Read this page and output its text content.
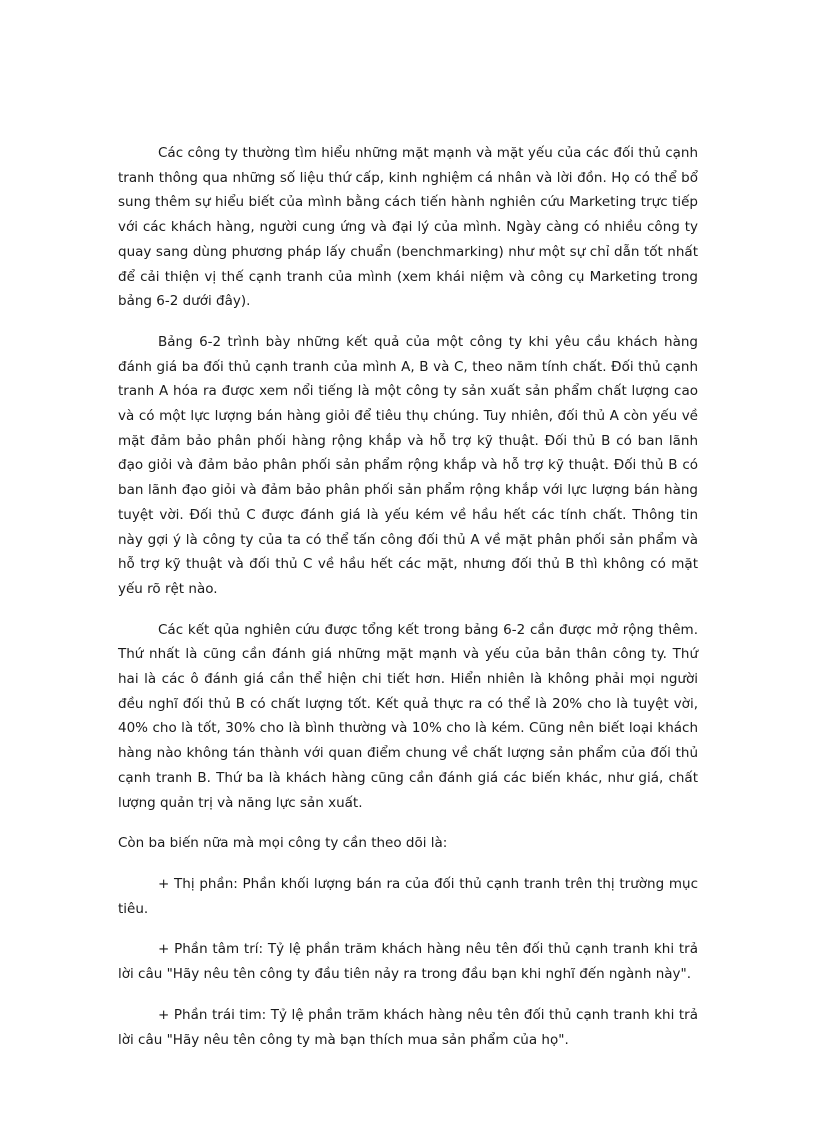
Các công ty thường tìm hiểu những mặt mạnh và mặt yếu của các đối thủ cạnh tranh thông qua những số liệu thứ cấp, kinh nghiệm cá nhân và lời đồn. Họ có thể bổ sung thêm sự hiểu biết của mình bằng cách tiến hành nghiên cứu Marketing trực tiếp với các khách hàng, người cung ứng và đại lý của mình. Ngày càng có nhiều công ty quay sang dùng phương pháp lấy chuẩn (benchmarking) như một sự chỉ dẫn tốt nhất để cải thiện vị thế cạnh tranh của mình (xem khái niệm và công cụ Marketing trong bảng 6-2 dưới đây).

Bảng 6-2 trình bày những kết quả của một công ty khi yêu cầu khách hàng đánh giá ba đối thủ cạnh tranh của mình A, B và C, theo năm tính chất. Đối thủ cạnh tranh A hóa ra được xem nổi tiếng là một công ty sản xuất sản phẩm chất lượng cao và có một lực lượng bán hàng giỏi để tiêu thụ chúng. Tuy nhiên, đối thủ A còn yếu về mặt đảm bảo phân phối hàng rộng khắp và hỗ trợ kỹ thuật. Đối thủ B có ban lãnh đạo giỏi và đảm bảo phân phối sản phẩm rộng khắp và hỗ trợ kỹ thuật. Đối thủ B có ban lãnh đạo giỏi và đảm bảo phân phối sản phẩm rộng khắp với lực lượng bán hàng tuyệt vời. Đối thủ C được đánh giá là yếu kém về hầu hết các tính chất. Thông tin này gợi ý là công ty của ta có thể tấn công đối thủ A về mặt phân phối sản phẩm và hỗ trợ kỹ thuật và đối thủ C về hầu hết các mặt, nhưng đối thủ B thì không có mặt yếu rõ rệt nào.

Các kết qủa nghiên cứu được tổng kết trong bảng 6-2 cần được mở rộng thêm. Thứ nhất là cũng cần đánh giá những mặt mạnh và yếu của bản thân công ty. Thứ hai là các ô đánh giá cần thể hiện chi tiết hơn. Hiển nhiên là không phải mọi người đều nghĩ đối thủ B có chất lượng tốt. Kết quả thực ra có thể là 20% cho là tuyệt vời, 40% cho là tốt, 30% cho là bình thường và 10% cho là kém. Cũng nên biết loại khách hàng nào không tán thành với quan điểm chung về chất lượng sản phẩm của đối thủ cạnh tranh B. Thứ ba là khách hàng cũng cần đánh giá các biến khác, như giá, chất lượng quản trị và năng lực sản xuất.

Còn ba biến nữa mà mọi công ty cần theo dõi là:

+ Thị phần: Phần khối lượng bán ra của đối thủ cạnh tranh trên thị trường mục tiêu.

+ Phần tâm trí: Tỷ lệ phần trăm khách hàng nêu tên đối thủ cạnh tranh khi trả lời câu "Hãy nêu tên công ty đầu tiên nảy ra trong đầu bạn khi nghĩ đến ngành này".

+ Phần trái tim: Tỷ lệ phần trăm khách hàng nêu tên đối thủ cạnh tranh khi trả lời câu "Hãy nêu tên công ty mà bạn thích mua sản phẩm của họ".
